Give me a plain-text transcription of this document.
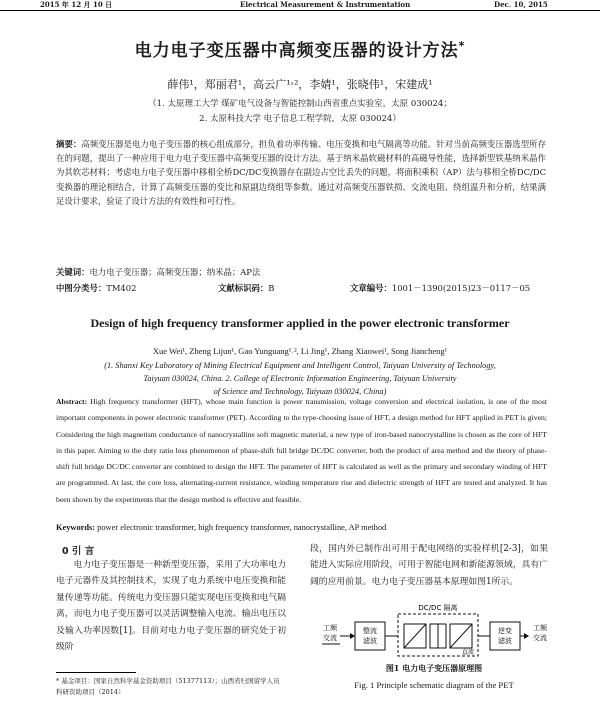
2015 年 12 月 10 日	Electrical Measurement & Instrumentation	Dec. 10, 2015
电力电子变压器中高频变压器的设计方法*
薛伟¹，郑丽君¹，高云广¹˒²，李婧¹，张晓伟¹，宋建成¹
（1. 太原理工大学 煤矿电气设备与智能控制山西省重点实验室，太原 030024；
2. 太原科技大学 电子信息工程学院，太原 030024）
摘要：高频变压器是电力电子变压器的核心组成部分，担负着功率传输、电压变换和电气隔离等功能。针对当前高频变压器选型所存在的问题，提出了一种应用于电力电子变压器中高频变压器的设计方法。基于纳米晶软磁材料的高磁导性能，选择新型铁基纳米晶作为其软芯材料；考虑电力电子变压器中移相全桥DC/DC变换器存在副边占空比丢失的问题，将面积乘积（AP）法与移相全桥DC/DC变换器的理论相结合，计算了高频变压器的变比和原副边绕组等参数。通过对高频变压器铁损、交流电阻、绕组温升和分析，结果满足设计要求，验证了设计方法的有效性和可行性。
关键词：电力电子变压器；高频变压器；纳米晶；AP法
中图分类号：TM402	文献标识码：B	文章编号：1001－1390(2015)23－0117－05
Design of high frequency transformer applied in the power electronic transformer
Xue Wei¹, Zheng Lijun¹, Gao Yunguang¹˒², Li Jing¹, Zhang Xiaowei¹, Song Jiancheng¹
(1. Shanxi Key Laboratory of Mining Electrical Equipment and Intelligent Control, Taiyuan University of Technology,
Taiyuan 030024, China. 2. College of Electronic Information Engineering, Taiyuan University
of Science and Technology, Taiyuan 030024, China)
Abstract: High frequency transformer (HFT), whose main function is power transmission, voltage conversion and electrical isolation, is one of the most important components in power electronic transformer (PET). According to the type-choosing issue of HFT, a design method for HFT applied in PET is given; Considering the high magnetism conductance of nanocrystalline soft magnetic material, a new type of iron-based nanocrystalline is chosen as the core of HFT in this paper. Aiming to the duty ratio loss phenomenon of phase-shift full bridge DC/DC converter, both the product of area method and the theory of phase-shift full bridge DC/DC converter are combined to design the HFT. The parameter of HFT is calculated as well as the primary and secondary winding of HFT are programmed. At last, the core loss, alternating-current resistance, winding temperature rise and dielectric strength of HFT are tested and analyzed. It has been shown by the experiments that the design method is effective and feasible.
Keywords: power electronic transformer, high frequency transformer, nanocrystalline, AP method
0 引 言
电力电子变压器是一种新型变压器，采用了大功率电力电子元器件及其控制技术，实现了电力系统中电压变换和能量传递等功能。传统电力变压器只能实现电压变换和电气隔离，而电力电子变压器可以灵活调整输入电流、输出电压以及输入功率因数[1]。目前对电力电子变压器的研究处于初级阶
段，国内外已制作出可用于配电网络的实验样机[2-3]，如果能进入实际应用阶段，可用于智能电网和新能源领域，具有广阔的应用前景。电力电子变压器基本原理如图1所示。
* 基金项目：国家自然科学基金资助项目（51377113）；山西省归国留学人员科研资助项目（2014）
工频
交流
整流
滤波
DC/DC 隔离
直流
逆变
滤波
工频
交流
图1 电力电子变压器原理图
Fig. 1 Principle schematic diagram of the PET
